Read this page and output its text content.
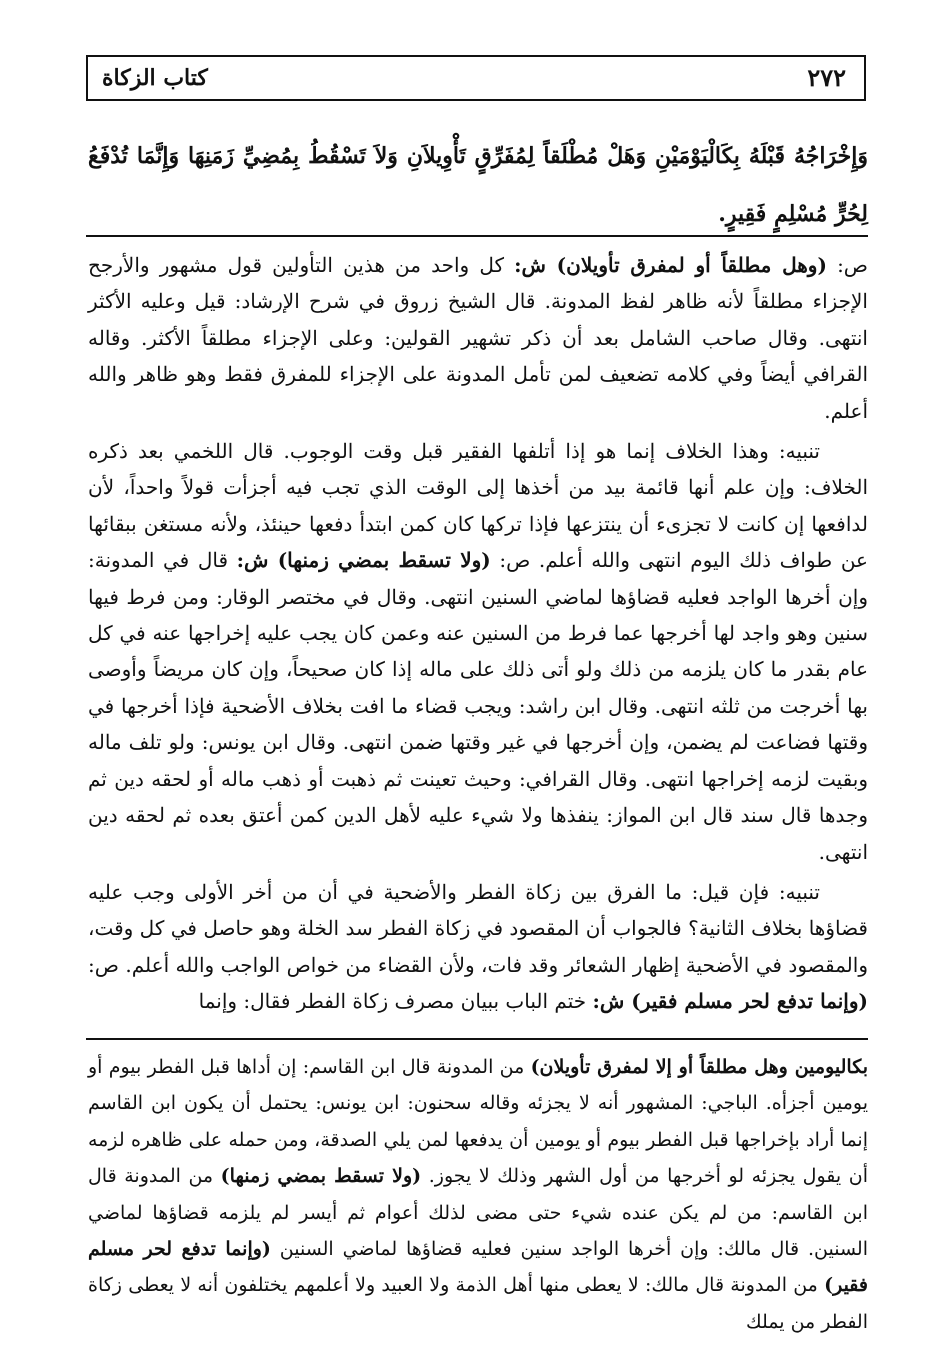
٢٧٢
كتاب الزكاة
وَإِخْرَاجُهُ قَبْلَهُ بِكَالْيَوْمَيْنِ وَهَلْ مُطْلَقاً لِمُفَرِّقٍ تَأْوِيلاَنِ وَلاَ تَسْقُطُ بِمُضِيِّ زَمَنِهَا وَإِنَّمَا تُدْفَعُ لِحُرٍّ مُسْلِمٍ فَقِيرٍ.

ص: (وهل مطلقاً أو لمفرق تأويلان) ش: كل واحد من هذين التأولين قول مشهور والأرجح الإجزاء مطلقاً لأنه ظاهر لفظ المدونة. قال الشيخ زروق في شرح الإرشاد: قيل وعليه الأكثر انتهى. وقال صاحب الشامل بعد أن ذكر تشهير القولين: وعلى الإجزاء مطلقاً الأكثر. وقاله القرافي أيضاً وفي كلامه تضعيف لمن تأمل المدونة على الإجزاء للمفرق فقط وهو ظاهر والله أعلم.

تنبيه: وهذا الخلاف إنما هو إذا أتلفها الفقير قبل وقت الوجوب. قال اللخمي بعد ذكره الخلاف: وإن علم أنها قائمة بيد من أخذها إلى الوقت الذي تجب فيه أجزأت قولاً واحداً، لأن لدافعها إن كانت لا تجزىء أن ينتزعها فإذا تركها كان كمن ابتدأ دفعها حينئذ، ولأنه مستغن ببقائها عن طواف ذلك اليوم انتهى والله أعلم. ص: (ولا تسقط بمضي زمنها) ش: قال في المدونة: وإن أخرها الواجد فعليه قضاؤها لماضي السنين انتهى. وقال في مختصر الوقار: ومن فرط فيها سنين وهو واجد لها أخرجها عما فرط من السنين عنه وعمن كان يجب عليه إخراجها عنه في كل عام بقدر ما كان يلزمه من ذلك ولو أتى ذلك على ماله إذا كان صحيحاً، وإن كان مريضاً وأوصى بها أخرجت من ثلثه انتهى. وقال ابن راشد: ويجب قضاء ما افت بخلاف الأضحية فإذا أخرجها في وقتها فضاعت لم يضمن، وإن أخرجها في غير وقتها ضمن انتهى. وقال ابن يونس: ولو تلف ماله وبقيت لزمه إخراجها انتهى. وقال القرافي: وحيث تعينت ثم ذهبت أو ذهب ماله أو لحقه دين ثم وجدها قال سند قال ابن المواز: ينفذها ولا شيء عليه لأهل الدين كمن أعتق بعده ثم لحقه دين انتهى.

تنبيه: فإن قيل: ما الفرق بين زكاة الفطر والأضحية في أن من أخر الأولى وجب عليه قضاؤها بخلاف الثانية؟ فالجواب أن المقصود في زكاة الفطر سد الخلة وهو حاصل في كل وقت، والمقصود في الأضحية إظهار الشعائر وقد فات، ولأن القضاء من خواص الواجب والله أعلم. ص: (وإنما تدفع لحر مسلم فقير) ش: ختم الباب ببيان مصرف زكاة الفطر فقال: وإنما

بكاليومين وهل مطلقاً أو إلا لمفرق تأويلان) من المدونة قال ابن القاسم: إن أداها قبل الفطر بيوم أو يومين أجزأه. الباجي: المشهور أنه لا يجزئه وقاله سحنون: ابن يونس: يحتمل أن يكون ابن القاسم إنما أراد بإخراجها قبل الفطر بيوم أو يومين أن يدفعها لمن يلي الصدقة، ومن حمله على ظاهره لزمه أن يقول يجزئه لو أخرجها من أول الشهر وذلك لا يجوز. (ولا تسقط بمضي زمنها) من المدونة قال ابن القاسم: من لم يكن عنده شيء حتى مضى لذلك أعوام ثم أيسر لم يلزمه قضاؤها لماضي السنين. قال مالك: وإن أخرها الواجد سنين فعليه قضاؤها لماضي السنين (وإنما تدفع لحر مسلم فقير) من المدونة قال مالك: لا يعطى منها أهل الذمة ولا العبيد ولا أعلمهم يختلفون أنه لا يعطى زكاة الفطر من يملك
